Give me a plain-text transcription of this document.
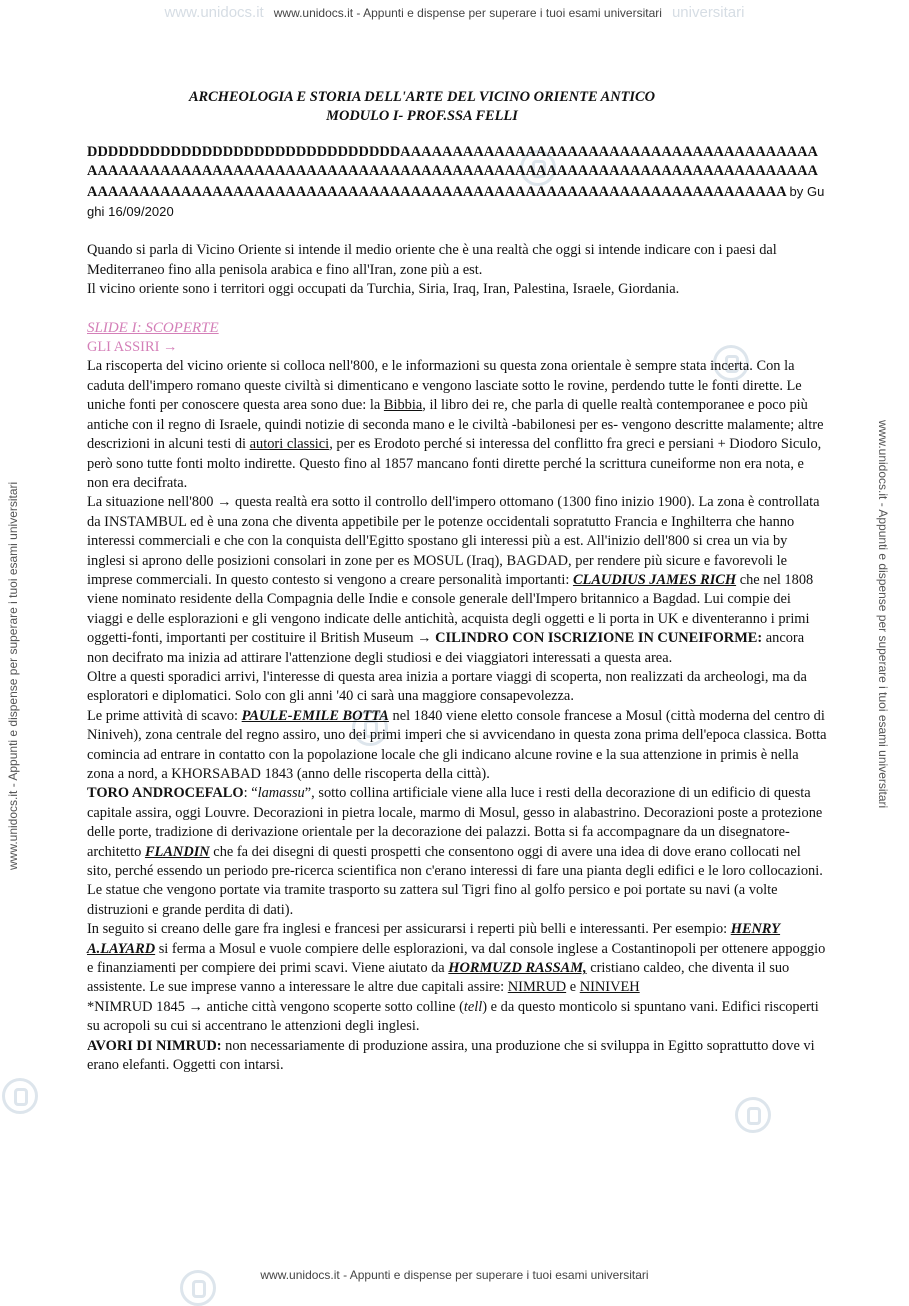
www.unidocs.it www.unidocs.it - Appunti e dispense per superare i tuoi esami universitari universitari
www.unidocs.it - Appunti e dispense per superare i tuoi esami universitari
www.unidocs.it - Appunti e dispense per superare i tuoi esami universitari
www.unidocs.it - Appunti e dispense per superare i tuoi esami universitari
ARCHEOLOGIA E STORIA DELL'ARTE DEL VICINO ORIENTE ANTICO
MODULO I- PROF.SSA FELLI
DDDDDDDDDDDDDDDDDDDDDDDDDDDDDDAAAAAAAAAAAAAAAAAAAAAAAAAAAAAAAAAAAAAAAAAAAAAAAAAAAAAAAAAAAAAAAAAAAAAAAAAAAAAAAAAAAAAAAAAAAAAAAAAAAAAAAAAAAAAAAAAAAAAAAAAAAAAAAAAAAAAAAAAAAAAAAAAAAAAAAAAAAAAAAAAAAAAAAAAAAAAAAAA by Gughi 16/09/2020

Quando si parla di Vicino Oriente si intende il medio oriente che è una realtà che oggi si intende indicare con i paesi dal Mediterraneo fino alla penisola arabica e fino all'Iran, zone più a est.

Il vicino oriente sono i territori oggi occupati da Turchia, Siria, Iraq, Iran, Palestina, Israele, Giordania.

SLIDE I: SCOPERTE

GLI ASSIRI →

La riscoperta del vicino oriente si colloca nell'800, e le informazioni su questa zona orientale è sempre stata incerta. Con la caduta dell'impero romano queste civiltà si dimenticano e vengono lasciate sotto le rovine, perdendo tutte le fonti dirette. Le uniche fonti per conoscere questa area sono due: la Bibbia, il libro dei re, che parla di quelle realtà contemporanee e poco più antiche con il regno di Israele, quindi notizie di seconda mano e le civiltà -babilonesi per es- vengono descritte malamente; altre descrizioni in alcuni testi di autori classici, per es Erodoto perché si interessa del conflitto fra greci e persiani + Diodoro Siculo, però sono tutte fonti molto indirette. Questo fino al 1857 mancano fonti dirette perché la scrittura cuneiforme non era nota, e non era decifrata.

La situazione nell'800 → questa realtà era sotto il controllo dell'impero ottomano (1300 fino inizio 1900). La zona è controllata da INSTAMBUL ed è una zona che diventa appetibile per le potenze occidentali sopratutto Francia e Inghilterra che hanno interessi commerciali e che con la conquista dell'Egitto spostano gli interessi più a est. All'inizio dell'800 si crea un via by inglesi si aprono delle posizioni consolari in zone per es MOSUL (Iraq), BAGDAD, per rendere più sicure e favorevoli le imprese commerciali. In questo contesto si vengono a creare personalità importanti: CLAUDIUS JAMES RICH che nel 1808 viene nominato residente della Compagnia delle Indie e console generale dell'Impero britannico a Bagdad. Lui compie dei viaggi e delle esplorazioni e gli vengono indicate delle antichità, acquista degli oggetti e li porta in UK e diventeranno i primi oggetti-fonti, importanti per costituire il British Museum → CILINDRO CON ISCRIZIONE IN CUNEIFORME: ancora non decifrato ma inizia ad attirare l'attenzione degli studiosi e dei viaggiatori interessati a questa area.

Oltre a questi sporadici arrivi, l'interesse di questa area inizia a portare viaggi di scoperta, non realizzati da archeologi, ma da esploratori e diplomatici. Solo con gli anni '40 ci sarà una maggiore consapevolezza.

Le prime attività di scavo: PAULE-EMILE BOTTA nel 1840 viene eletto console francese a Mosul (città moderna del centro di Niniveh), zona centrale del regno assiro, uno dei primi imperi che si avvicendano in questa zona prima dell'epoca classica. Botta comincia ad entrare in contatto con la popolazione locale che gli indicano alcune rovine e la sua attenzione in primis è nella zona a nord, a KHORSABAD 1843 (anno delle riscoperta della città).

TORO ANDROCEFALO: “lamassu”, sotto collina artificiale viene alla luce i resti della decorazione di un edificio di questa capitale assira, oggi Louvre. Decorazioni in pietra locale, marmo di Mosul, gesso in alabastrino. Decorazioni poste a protezione delle porte, tradizione di derivazione orientale per la decorazione dei palazzi. Botta si fa accompagnare da un disegnatore-architetto FLANDIN che fa dei disegni di questi prospetti che consentono oggi di avere una idea di dove erano collocati nel sito, perché essendo un periodo pre-ricerca scientifica non c'erano interessi di fare una pianta degli edifici e le loro collocazioni. Le statue che vengono portate via tramite trasporto su zattera sul Tigri fino al golfo persico e poi portate su navi (a volte distruzioni e grande perdita di dati).

In seguito si creano delle gare fra inglesi e francesi per assicurarsi i reperti più belli e interessanti. Per esempio: HENRY A.LAYARD si ferma a Mosul e vuole compiere delle esplorazioni, va dal console inglese a Costantinopoli per ottenere appoggio e finanziamenti per compiere dei primi scavi. Viene aiutato da HORMUZD RASSAM, cristiano caldeo, che diventa il suo assistente. Le sue imprese vanno a interessare le altre due capitali assire: NIMRUD e NINIVEH

*NIMRUD 1845 → antiche città vengono scoperte sotto colline (tell) e da questo monticolo si spuntano vani. Edifici riscoperti su acropoli su cui si accentrano le attenzioni degli inglesi.

AVORI DI NIMRUD: non necessariamente di produzione assira, una produzione che si sviluppa in Egitto soprattutto dove vi erano elefanti. Oggetti con intarsi.
